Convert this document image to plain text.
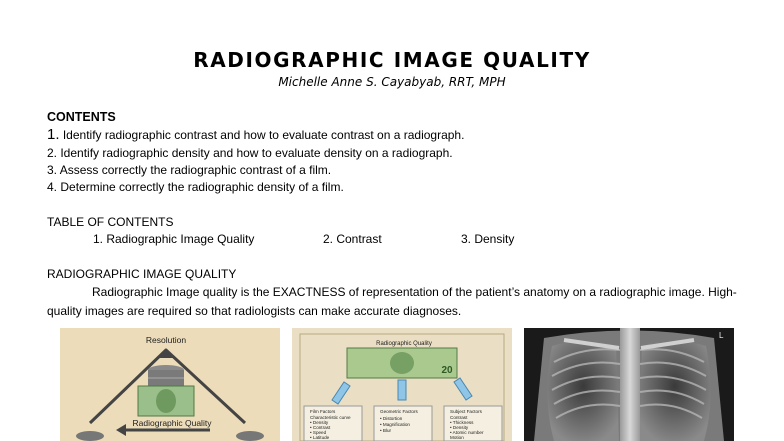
RADIOGRAPHIC IMAGE QUALITY
Michelle Anne S. Cayabyab, RRT, MPH
CONTENTS
1. Identify radiographic contrast and how to evaluate contrast on a radiograph.
2. Identify radiographic density and how to evaluate density on a radiograph.
3. Assess correctly the radiographic contrast of a film.
4. Determine correctly the radiographic density of a film.
TABLE OF CONTENTS
1. Radiographic Image Quality	2. Contrast	3. Density
RADIOGRAPHIC IMAGE QUALITY
Radiographic Image quality is the EXACTNESS of representation of the patient’s anatomy on a radiographic image. High-quality images are required so that radiologists can make accurate diagnoses.
Resolution
Radiographic Quality
Radiographic Quality
20
Film Factors
Characteristic curve
• Density
• Contrast
• Speed
• Latitude
Geometric Factors
• Distortion
• Magnification
• Blur
Subject Factors
Contrast
• Thickness
• Density
• Atomic number
Motion
L
